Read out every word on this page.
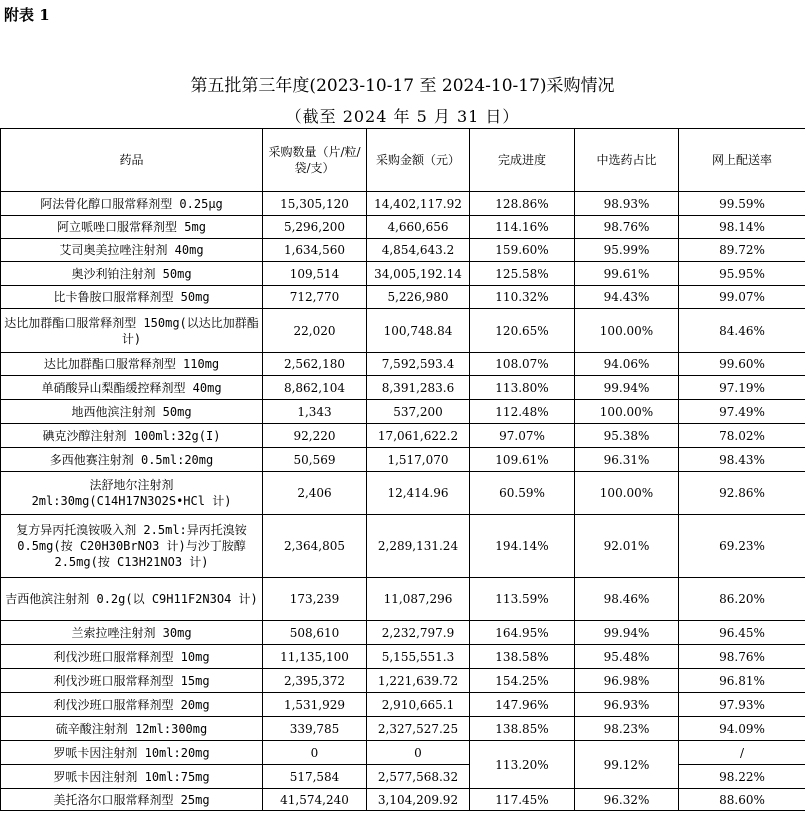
附表 1
第五批第三年度(2023-10-17 至 2024-10-17)采购情况
（截至 2024 年 5 月 31 日）
药品	采购数量（片/粒/袋/支）	采购金额（元）	完成进度	中选药占比	网上配送率
阿法骨化醇口服常释剂型 0.25μg	15,305,120	14,402,117.92	128.86%	98.93%	99.59%
阿立哌唑口服常释剂型 5mg	5,296,200	4,660,656	114.16%	98.76%	98.14%
艾司奥美拉唑注射剂 40mg	1,634,560	4,854,643.2	159.60%	95.99%	89.72%
奥沙利铂注射剂 50mg	109,514	34,005,192.14	125.58%	99.61%	95.95%
比卡鲁胺口服常释剂型 50mg	712,770	5,226,980	110.32%	94.43%	99.07%
达比加群酯口服常释剂型 150mg(以达比加群酯计)	22,020	100,748.84	120.65%	100.00%	84.46%
达比加群酯口服常释剂型 110mg	2,562,180	7,592,593.4	108.07%	94.06%	99.60%
单硝酸异山梨酯缓控释剂型 40mg	8,862,104	8,391,283.6	113.80%	99.94%	97.19%
地西他滨注射剂 50mg	1,343	537,200	112.48%	100.00%	97.49%
碘克沙醇注射剂 100ml:32g(I)	92,220	17,061,622.2	97.07%	95.38%	78.02%
多西他赛注射剂 0.5ml:20mg	50,569	1,517,070	109.61%	96.31%	98.43%
法舒地尔注射剂 2ml:30mg(C14H17N3O2S•HCl 计)	2,406	12,414.96	60.59%	100.00%	92.86%
复方异丙托溴铵吸入剂 2.5ml:异丙托溴铵 0.5mg(按 C20H30BrNO3 计)与沙丁胺醇 2.5mg(按 C13H21NO3 计)	2,364,805	2,289,131.24	194.14%	92.01%	69.23%
吉西他滨注射剂 0.2g(以 C9H11F2N3O4 计)	173,239	11,087,296	113.59%	98.46%	86.20%
兰索拉唑注射剂 30mg	508,610	2,232,797.9	164.95%	99.94%	96.45%
利伐沙班口服常释剂型 10mg	11,135,100	5,155,551.3	138.58%	95.48%	98.76%
利伐沙班口服常释剂型 15mg	2,395,372	1,221,639.72	154.25%	96.98%	96.81%
利伐沙班口服常释剂型 20mg	1,531,929	2,910,665.1	147.96%	96.93%	97.93%
硫辛酸注射剂 12ml:300mg	339,785	2,327,527.25	138.85%	98.23%	94.09%
罗哌卡因注射剂 10ml:20mg	0	0	113.20%	99.12%	/
罗哌卡因注射剂 10ml:75mg	517,584	2,577,568.32			98.22%
美托洛尔口服常释剂型 25mg	41,574,240	3,104,209.92	117.45%	96.32%	88.60%
